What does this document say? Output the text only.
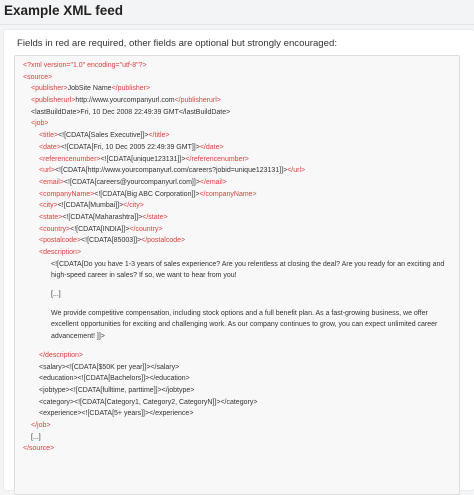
Example XML feed
Fields in red are required, other fields are optional but strongly encouraged:
<?xml version="1.0" encoding="utf-8"?>
<source>
<publisher>JobSite Name</publisher>
<publisherurl>http://www.yourcompanyurl.com</publisherurl>
<lastBuildDate>Fri, 10 Dec 2008 22:49:39 GMT</lastBuildDate>
<job>
<title><![CDATA[Sales Executive]]></title>
<date><![CDATA[Fri, 10 Dec 2005 22:49:39 GMT]]></date>
<referencenumber><![CDATA[unique123131]]></referencenumber>
<url><![CDATA[http://www.yourcompanyurl.com/careers?jobid=unique123131]]></url>
<email><![CDATA[careers@yourcompanyurl.com]]></email>
<companyName><![CDATA[Big ABC Corporation]]></companyName>
<city><![CDATA[Mumbai]]></city>
<state><![CDATA[Maharashtra]]></state>
<country><![CDATA[INDIA]]></country>
<postalcode><![CDATA[85003]]></postalcode>
<description>
<![CDATA[Do you have 1-3 years of sales experience? Are you relentless at closing the deal? Are you ready for an exciting and
high-speed career in sales? If so, we want to hear from you!
[...]
We provide competitive compensation, including stock options and a full benefit plan. As a fast-growing business, we offer
excellent opportunities for exciting and challenging work. As our company continues to grow, you can expect unlimited career
advancement! ]]>
</description>
<salary><![CDATA[$50K per year]]></salary>
<education><![CDATA[Bachelors]]></education>
<jobtype><![CDATA[fulltime, parttime]]></jobtype>
<category><![CDATA[Category1, Category2, CategoryN]]></category>
<experience><![CDATA[5+ years]]></experience>
</job>
[...]
</source>
